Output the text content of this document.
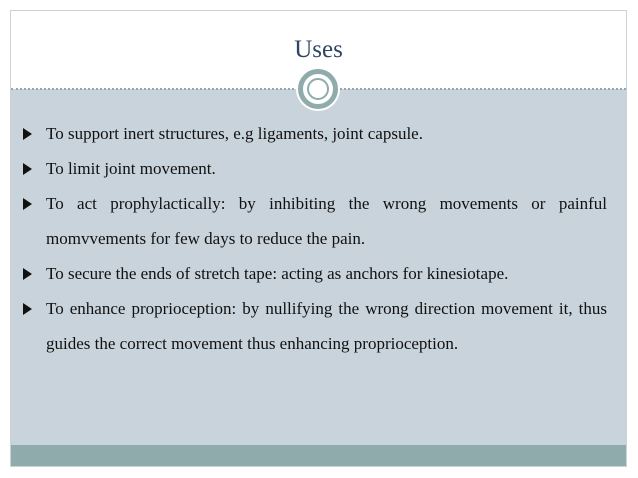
Uses
To support inert structures, e.g ligaments, joint capsule.
To limit joint movement.
To act prophylactically: by inhibiting the wrong movements or painful momvvements for few days to reduce the pain.
To secure the ends of stretch tape: acting as anchors for kinesiotape.
To enhance proprioception: by nullifying the wrong direction movement it, thus guides the correct movement thus enhancing proprioception.
